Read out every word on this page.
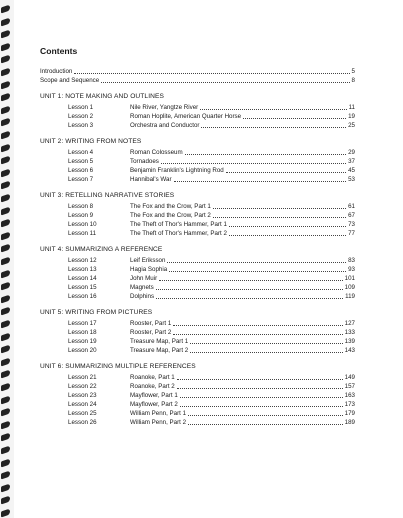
Contents
Introduction	5
Scope and Sequence	8
UNIT 1: NOTE MAKING AND OUTLINES
Lesson 1	Nile River, Yangtze River	11
Lesson 2	Roman Hoplite, American Quarter Horse	19
Lesson 3	Orchestra and Conductor	25
UNIT 2: WRITING FROM NOTES
Lesson 4	Roman Colosseum	29
Lesson 5	Tornadoes	37
Lesson 6	Benjamin Franklin's Lightning Rod	45
Lesson 7	Hannibal's War	53
UNIT 3: RETELLING NARRATIVE STORIES
Lesson 8	The Fox and the Crow, Part 1	61
Lesson 9	The Fox and the Crow, Part 2	67
Lesson 10	The Theft of Thor's Hammer, Part 1	73
Lesson 11	The Theft of Thor's Hammer, Part 2	77
UNIT 4: SUMMARIZING A REFERENCE
Lesson 12	Leif Eriksson	83
Lesson 13	Hagia Sophia	93
Lesson 14	John Muir	101
Lesson 15	Magnets	109
Lesson 16	Dolphins	119
UNIT 5: WRITING FROM PICTURES
Lesson 17	Rooster, Part 1	127
Lesson 18	Rooster, Part 2	133
Lesson 19	Treasure Map, Part 1	139
Lesson 20	Treasure Map, Part 2	143
UNIT 6: SUMMARIZING MULTIPLE REFERENCES
Lesson 21	Roanoke, Part 1	149
Lesson 22	Roanoke, Part 2	157
Lesson 23	Mayflower, Part 1	163
Lesson 24	Mayflower, Part 2	173
Lesson 25	William Penn, Part 1	179
Lesson 26	William Penn, Part 2	189
